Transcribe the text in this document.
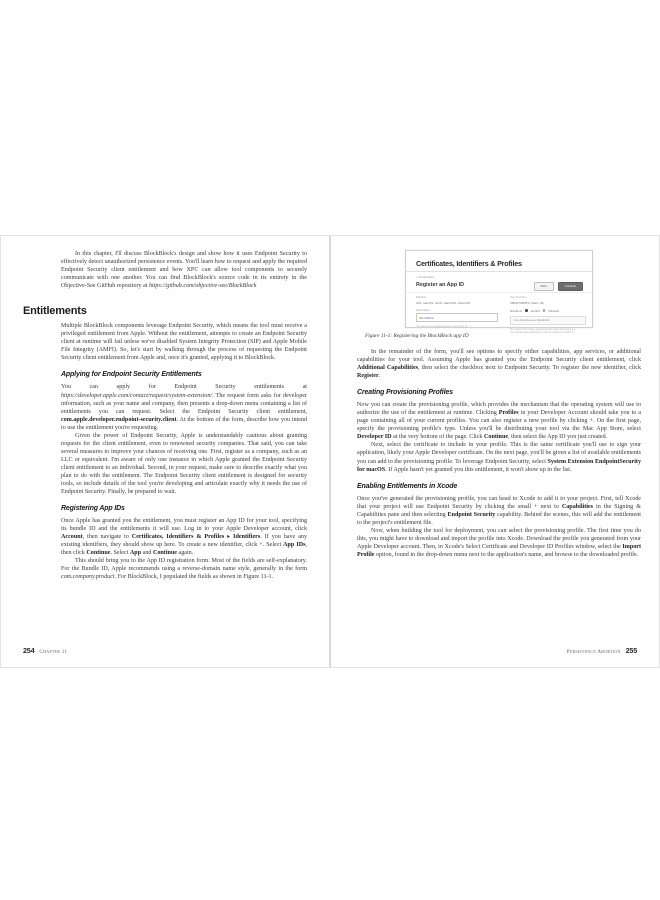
In this chapter, I'll discuss BlockBlock's design and show how it uses Endpoint Security to effectively detect unauthorized persistence events. You'll learn how to request and apply the required Endpoint Security client entitlement and how XPC can allow tool components to securely communicate with one another. You can find BlockBlock's source code in its entirety in the Objective-See GitHub repository at https://github.com/objective-see/BlockBlock

Entitlements

Multiple BlockBlock components leverage Endpoint Security, which means the tool must receive a privileged entitlement from Apple. Without the entitlement, attempts to create an Endpoint Security client at runtime will fail unless we've disabled System Integrity Protection (SIP) and Apple Mobile File Integrity (AMFI). So, let's start by walking through the process of requesting the Endpoint Security client entitlement from Apple and, once it's granted, applying it to BlockBlock.

Applying for Endpoint Security Entitlements

You can apply for Endpoint Security entitlements at https://developer.apple.com/contact/request/system-extension/. The request form asks for developer information, such as your name and company, then presents a drop-down menu containing a list of entitlements you can request. Select the Endpoint Security client entitlement, com.apple.developer.endpoint-security.client. At the bottom of the form, describe how you intend to use the entitlement you're requesting.

Given the power of Endpoint Security, Apple is understandably cautious about granting requests for the client entitlement, even to renowned security companies. That said, you can take several measures to improve your chances of receiving one. First, register as a company, such as an LLC or equivalent. I'm aware of only one instance in which Apple granted the Endpoint Security client entitlement to an individual. Second, in your request, make sure to describe exactly what you plan to do with the entitlement. The Endpoint Security client entitlement is designed for security tools, so include details of the tool you're developing and articulate exactly why it needs the use of Endpoint Security. Finally, be prepared to wait.

Registering App IDs

Once Apple has granted you the entitlement, you must register an App ID for your tool, specifying its bundle ID and the entitlements it will use. Log in to your Apple Developer account, click Account, then navigate to Certificates, Identifiers & Profiles ▸ Identifiers. If you have any existing identifiers, they should show up here. To create a new identifier, click +. Select App IDs, then click Continue. Select App and Continue again.

This should bring you to the App ID registration form. Most of the fields are self-explanatory. For the Bundle ID, Apple recommends using a reverse-domain name style, generally in the form com.company.product. For BlockBlock, I populated the fields as shown in Figure 11-1.

254 Chapter 11
Certificates, Identifiers & Profiles
< All Identifiers
Register an App ID	Back	Continue
Platform
iOS, macOS, tvOS, watchOS, visionOS
Description
BlockBlock
You cannot use special characters such as @, &, *, ", '
App ID Prefix
VBG97UB4TA (Team ID)
Bundle ID	Explicit	Wildcard
com.objective-see.blockblock
We recommend using a reverse-domain name style string (i.e., com.domainname.appname). It cannot contain an asterisk (*).
Figure 11-1: Registering the BlockBlock app ID

In the remainder of the form, you'll see options to specify either capabilities, app services, or additional capabilities for your tool. Assuming Apple has granted you the Endpoint Security client entitlement, click Additional Capabilities, then select the checkbox next to Endpoint Security. To register the new identifier, click Register.

Creating Provisioning Profiles

Now you can create the provisioning profile, which provides the mechanism that the operating system will use to authorize the use of the entitlement at runtime. Clicking Profiles in your Developer Account should take you to a page containing all of your current profiles. You can also register a new profile by clicking +. On the first page, specify the provisioning profile's type. Unless you'll be distributing your tool via the Mac App Store, select Developer ID at the very bottom of the page. Click Continue, then select the App ID you just created.

Next, select the certificate to include in your profile. This is the same certificate you'll use to sign your application, likely your Apple Developer certificate. On the next page, you'll be given a list of available entitlements you can add to the provisioning profile. To leverage Endpoint Security, select System Extension EndpointSecurity for macOS. If Apple hasn't yet granted you this entitlement, it won't show up in the list.

Enabling Entitlements in Xcode

Once you've generated the provisioning profile, you can head to Xcode to add it to your project. First, tell Xcode that your project will use Endpoint Security by clicking the small + next to Capabilities in the Signing & Capabilities pane and then selecting Endpoint Security capability. Behind the scenes, this will add the entitlement to the project's entitlement file.

Now, when building the tool for deployment, you can select the provisioning profile. The first time you do this, you might have to download and import the profile into Xcode. Download the profile you generated from your Apple Developer account. Then, in Xcode's Select Certificate and Developer ID Profiles window, select the Import Profile option, found in the drop-down menu next to the application's name, and browse to the downloaded profile.

Persistence Abortion 255
